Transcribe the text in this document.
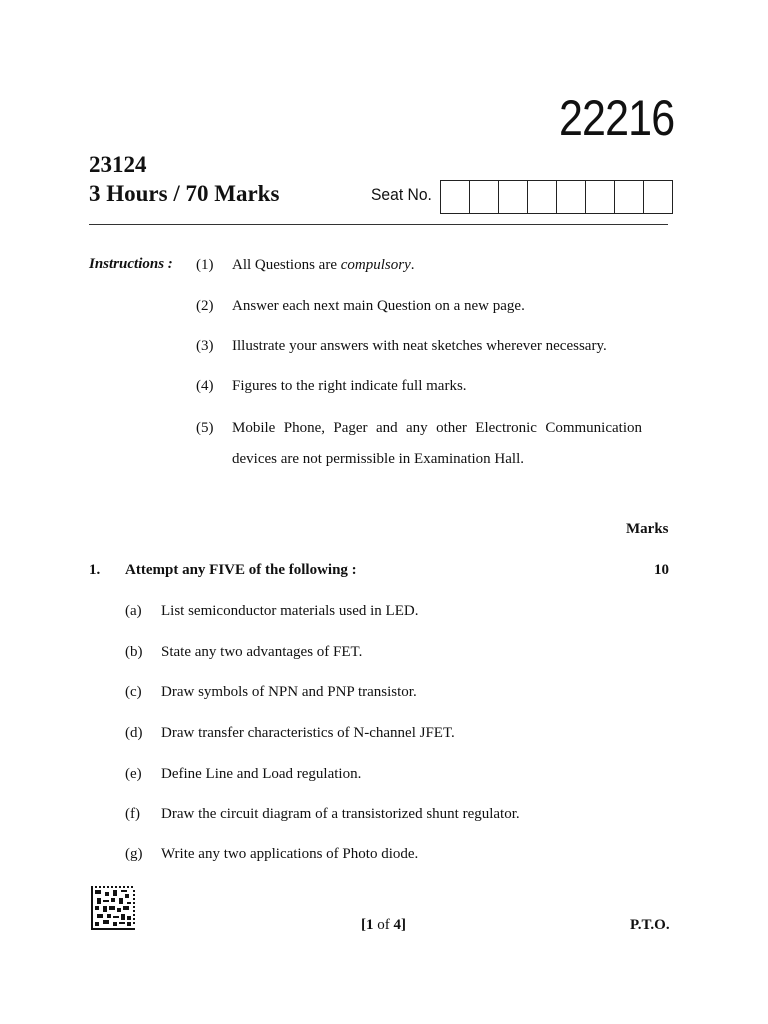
22216
23124
3 Hours / 70 Marks	Seat No.
Instructions : (1) All Questions are compulsory.
(2) Answer each next main Question on a new page.
(3) Illustrate your answers with neat sketches wherever necessary.
(4) Figures to the right indicate full marks.
(5) Mobile Phone, Pager and any other Electronic Communication
devices are not permissible in Examination Hall.
Marks
1. Attempt any FIVE of the following :	10
(a) List semiconductor materials used in LED.
(b) State any two advantages of FET.
(c) Draw symbols of NPN and PNP transistor.
(d) Draw transfer characteristics of N-channel JFET.
(e) Define Line and Load regulation.
(f) Draw the circuit diagram of a transistorized shunt regulator.
(g) Write any two applications of Photo diode.
[1 of 4]	P.T.O.
